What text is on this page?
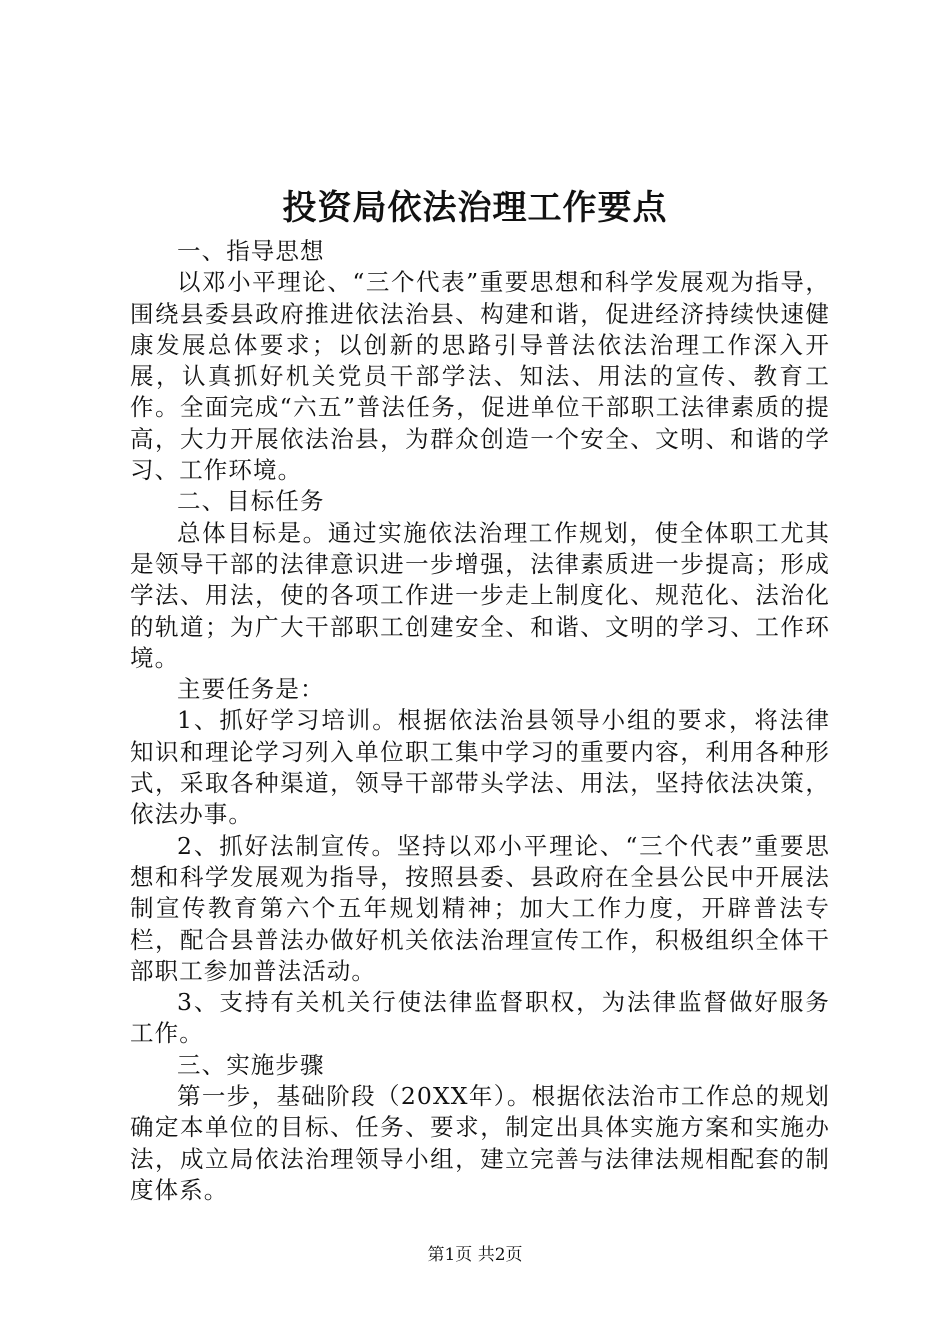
投资局依法治理工作要点

一、指导思想

以邓小平理论、“三个代表”重要思想和科学发展观为指导，围绕县委县政府推进依法治县、构建和谐，促进经济持续快速健康发展总体要求；以创新的思路引导普法依法治理工作深入开展，认真抓好机关党员干部学法、知法、用法的宣传、教育工作。全面完成“六五”普法任务，促进单位干部职工法律素质的提高，大力开展依法治县，为群众创造一个安全、文明、和谐的学习、工作环境。

二、目标任务

总体目标是。通过实施依法治理工作规划，使全体职工尤其是领导干部的法律意识进一步增强，法律素质进一步提高；形成学法、用法，使的各项工作进一步走上制度化、规范化、法治化的轨道；为广大干部职工创建安全、和谐、文明的学习、工作环境。

主要任务是：

1、抓好学习培训。根据依法治县领导小组的要求，将法律知识和理论学习列入单位职工集中学习的重要内容，利用各种形式，采取各种渠道，领导干部带头学法、用法，坚持依法决策，依法办事。

2、抓好法制宣传。坚持以邓小平理论、“三个代表”重要思想和科学发展观为指导，按照县委、县政府在全县公民中开展法制宣传教育第六个五年规划精神；加大工作力度，开辟普法专栏，配合县普法办做好机关依法治理宣传工作，积极组织全体干部职工参加普法活动。

3、支持有关机关行使法律监督职权，为法律监督做好服务工作。

三、实施步骤

第一步，基础阶段（20XX年）。根据依法治市工作总的规划确定本单位的目标、任务、要求，制定出具体实施方案和实施办法，成立局依法治理领导小组，建立完善与法律法规相配套的制度体系。

第1页 共2页
